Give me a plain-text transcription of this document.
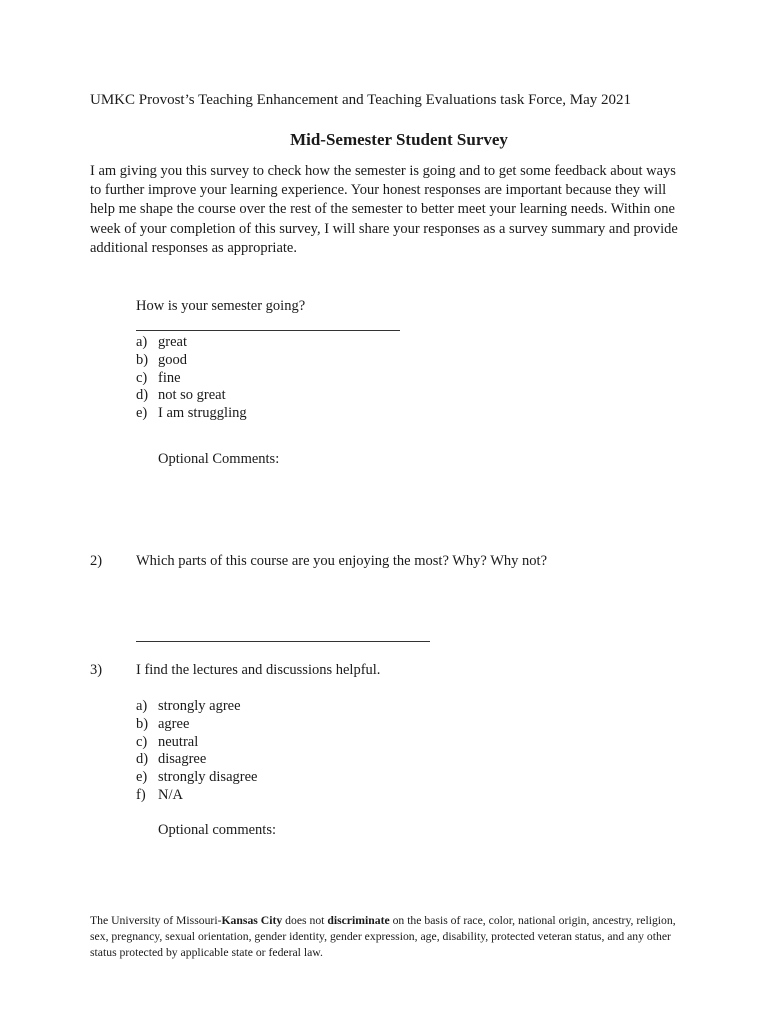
UMKC Provost’s Teaching Enhancement and Teaching Evaluations task Force, May 2021
Mid-Semester Student Survey

I am giving you this survey to check how the semester is going and to get some feedback about ways to further improve your learning experience. Your honest responses are important because they will help me shape the course over the rest of the semester to better meet your learning needs. Within one week of your completion of this survey, I will share your responses as a survey summary and provide additional responses as appropriate.

How is your semester going?
a) great
b) good
c) fine
d) not so great
e) I am struggling
Optional Comments:
2) Which parts of this course are you enjoying the most? Why? Why not?
3) I find the lectures and discussions helpful.
a) strongly agree
b) agree
c) neutral
d) disagree
e) strongly disagree
f) N/A
Optional comments:

The University of Missouri-Kansas City does not discriminate on the basis of race, color, national origin, ancestry, religion, sex, pregnancy, sexual orientation, gender identity, gender expression, age, disability, protected veteran status, and any other status protected by applicable state or federal law.
